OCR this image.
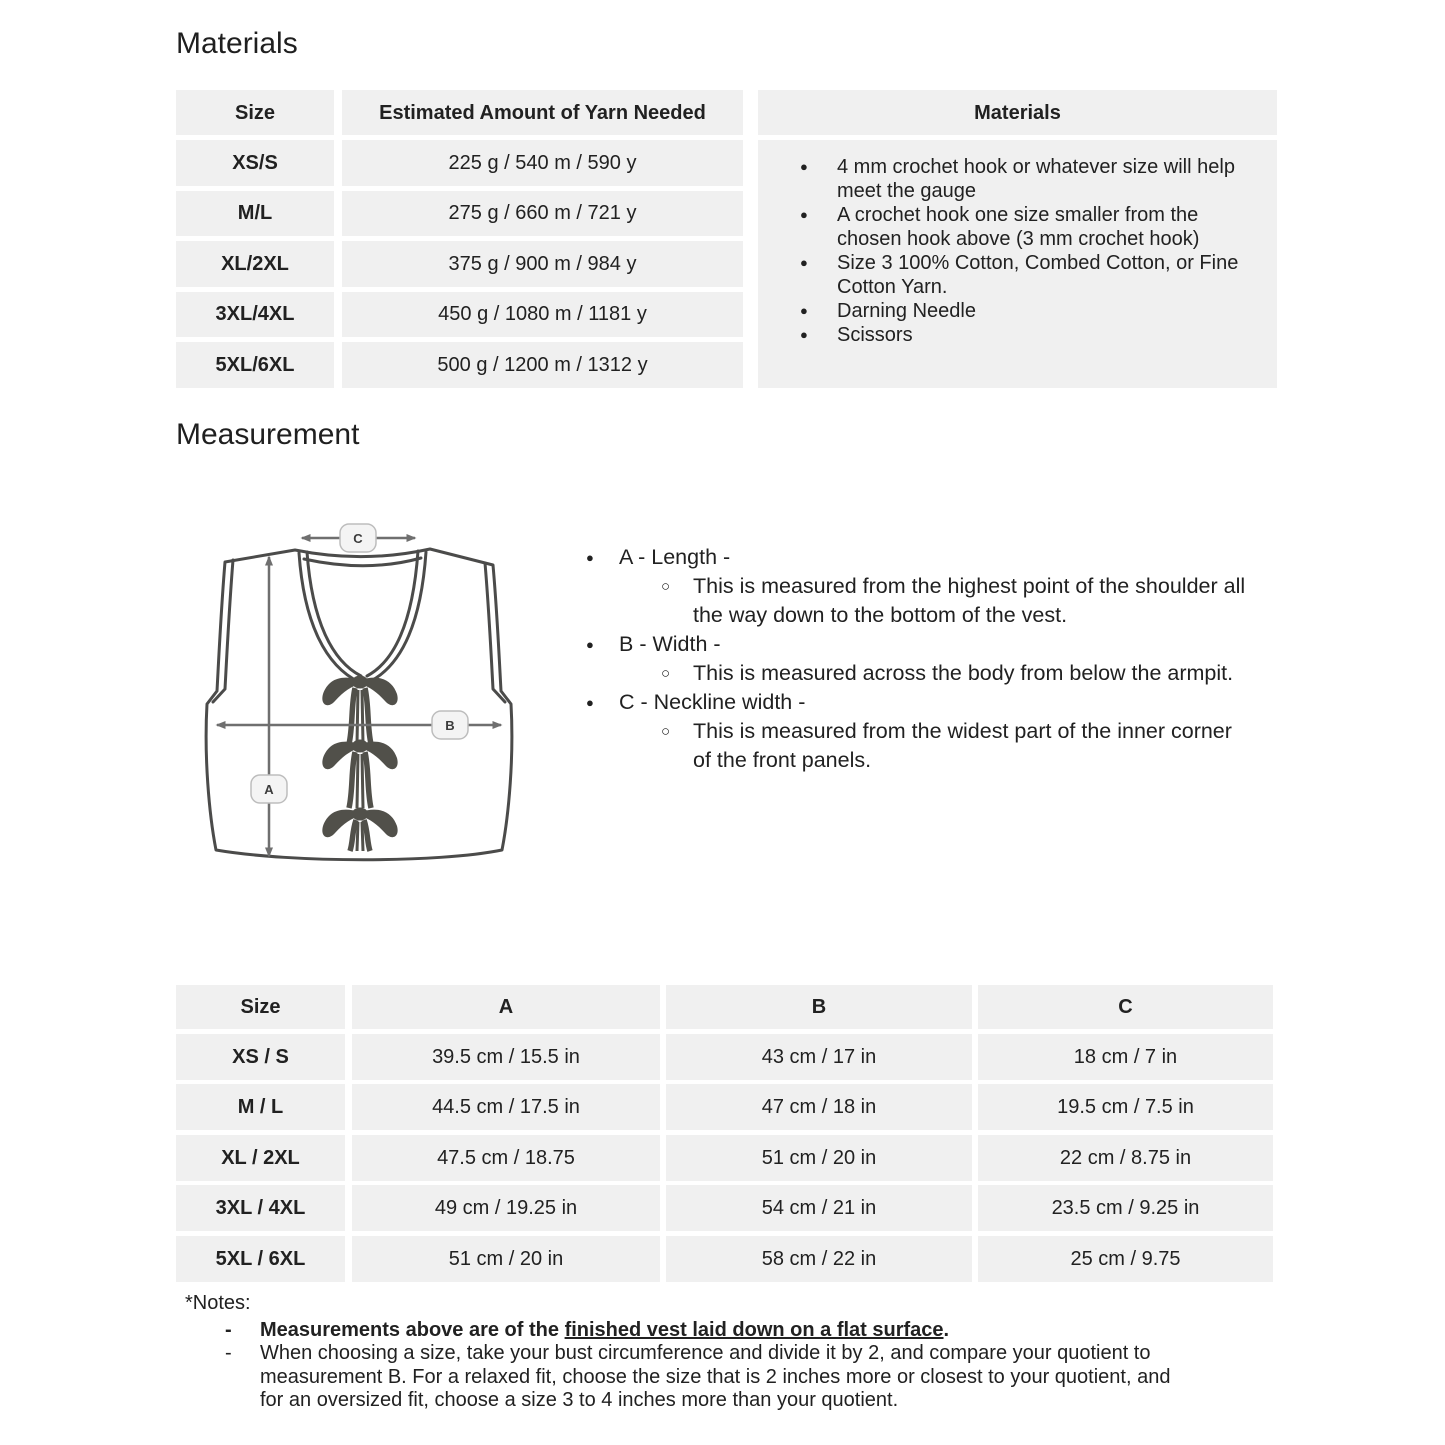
Materials
Size	Estimated Amount of Yarn Needed	Materials
XS/S	225 g / 540 m / 590 y
M/L	275 g / 660 m / 721 y
XL/2XL	375 g / 900 m / 984 y
3XL/4XL	450 g / 1080 m / 1181 y
5XL/6XL	500 g / 1200 m / 1312 y
●	4 mm crochet hook or whatever size will help meet the gauge
●	A crochet hook one size smaller from the chosen hook above (3 mm crochet hook)
●	Size 3 100% Cotton, Combed Cotton, or Fine Cotton Yarn.
●	Darning Needle
●	Scissors
Measurement
C
A
B
●	A - Length -
○	This is measured from the highest point of the shoulder all the way down to the bottom of the vest.
●	B - Width -
○	This is measured across the body from below the armpit.
●	C - Neckline width -
○	This is measured from the widest part of the inner corner of the front panels.
Size	A	B	C
XS / S	39.5 cm / 15.5 in	43 cm / 17 in	18 cm / 7 in
M / L	44.5 cm / 17.5 in	47 cm / 18 in	19.5 cm / 7.5 in
XL / 2XL	47.5 cm / 18.75	51 cm / 20 in	22 cm / 8.75 in
3XL / 4XL	49 cm / 19.25 in	54 cm / 21 in	23.5 cm / 9.25 in
5XL / 6XL	51 cm / 20 in	58 cm / 22 in	25 cm / 9.75
*Notes:
-	Measurements above are of the finished vest laid down on a flat surface.
-	When choosing a size, take your bust circumference and divide it by 2, and compare your quotient to measurement B. For a relaxed fit, choose the size that is 2 inches more or closest to your quotient, and for an oversized fit, choose a size 3 to 4 inches more than your quotient.
